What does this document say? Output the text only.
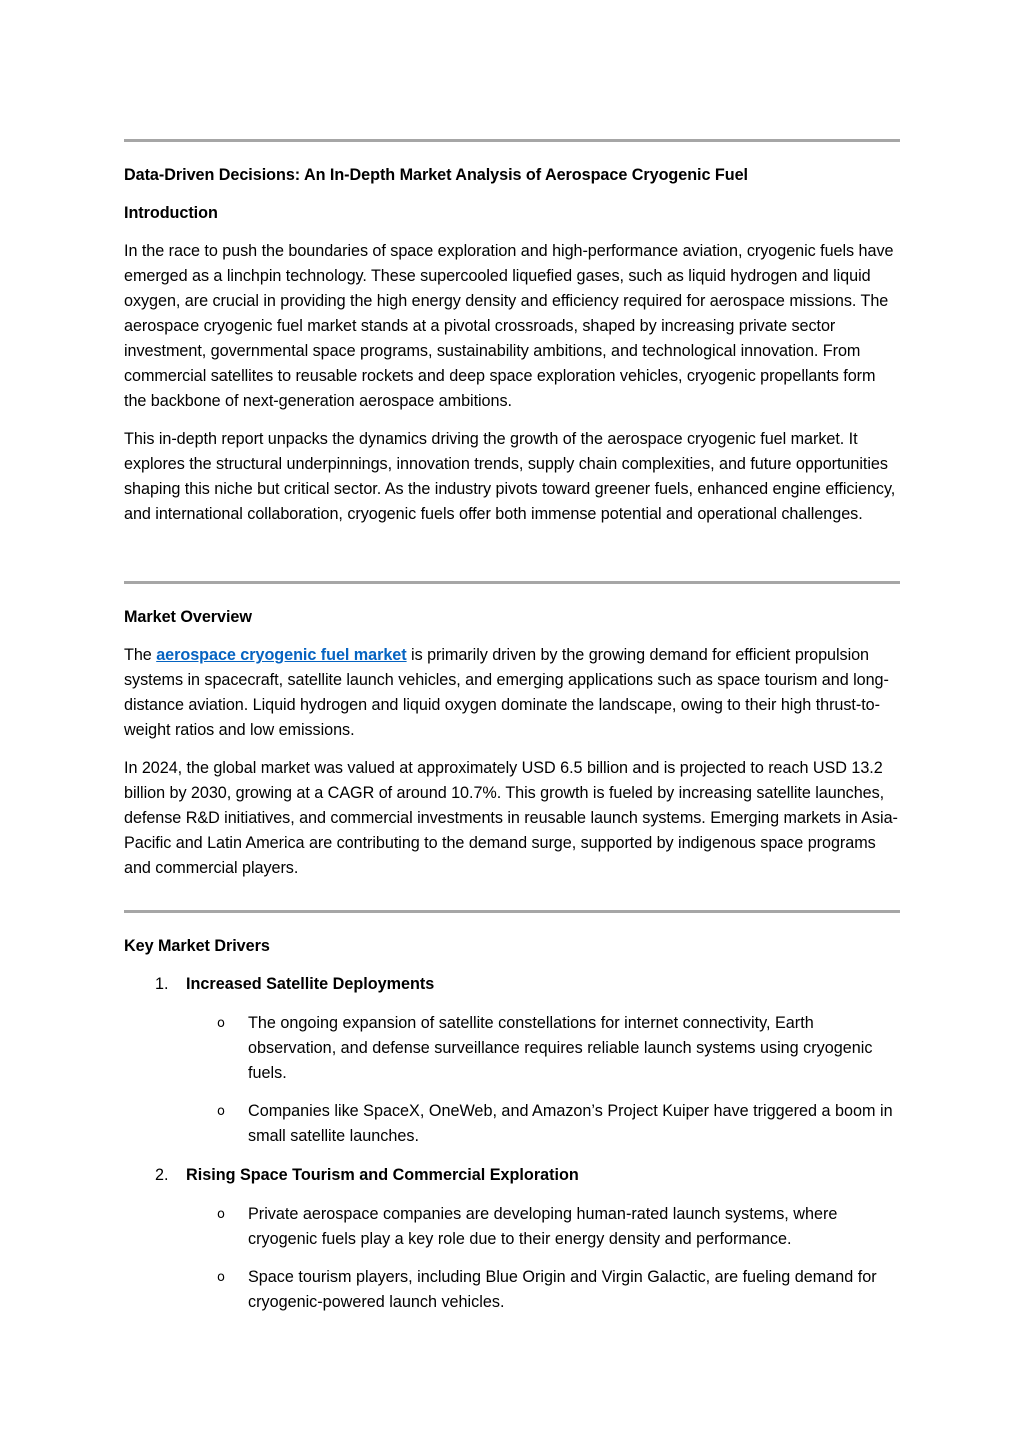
Data-Driven Decisions: An In-Depth Market Analysis of Aerospace Cryogenic Fuel
Introduction
In the race to push the boundaries of space exploration and high-performance aviation, cryogenic fuels have emerged as a linchpin technology. These supercooled liquefied gases, such as liquid hydrogen and liquid oxygen, are crucial in providing the high energy density and efficiency required for aerospace missions. The aerospace cryogenic fuel market stands at a pivotal crossroads, shaped by increasing private sector investment, governmental space programs, sustainability ambitions, and technological innovation. From commercial satellites to reusable rockets and deep space exploration vehicles, cryogenic propellants form the backbone of next-generation aerospace ambitions.
This in-depth report unpacks the dynamics driving the growth of the aerospace cryogenic fuel market. It explores the structural underpinnings, innovation trends, supply chain complexities, and future opportunities shaping this niche but critical sector. As the industry pivots toward greener fuels, enhanced engine efficiency, and international collaboration, cryogenic fuels offer both immense potential and operational challenges.
Market Overview
The aerospace cryogenic fuel market is primarily driven by the growing demand for efficient propulsion systems in spacecraft, satellite launch vehicles, and emerging applications such as space tourism and long-distance aviation. Liquid hydrogen and liquid oxygen dominate the landscape, owing to their high thrust-to-weight ratios and low emissions.
In 2024, the global market was valued at approximately USD 6.5 billion and is projected to reach USD 13.2 billion by 2030, growing at a CAGR of around 10.7%. This growth is fueled by increasing satellite launches, defense R&D initiatives, and commercial investments in reusable launch systems. Emerging markets in Asia-Pacific and Latin America are contributing to the demand surge, supported by indigenous space programs and commercial players.
Key Market Drivers
1.	Increased Satellite Deployments
o	The ongoing expansion of satellite constellations for internet connectivity, Earth observation, and defense surveillance requires reliable launch systems using cryogenic fuels.
o	Companies like SpaceX, OneWeb, and Amazon’s Project Kuiper have triggered a boom in small satellite launches.
2.	Rising Space Tourism and Commercial Exploration
o	Private aerospace companies are developing human-rated launch systems, where cryogenic fuels play a key role due to their energy density and performance.
o	Space tourism players, including Blue Origin and Virgin Galactic, are fueling demand for cryogenic-powered launch vehicles.
